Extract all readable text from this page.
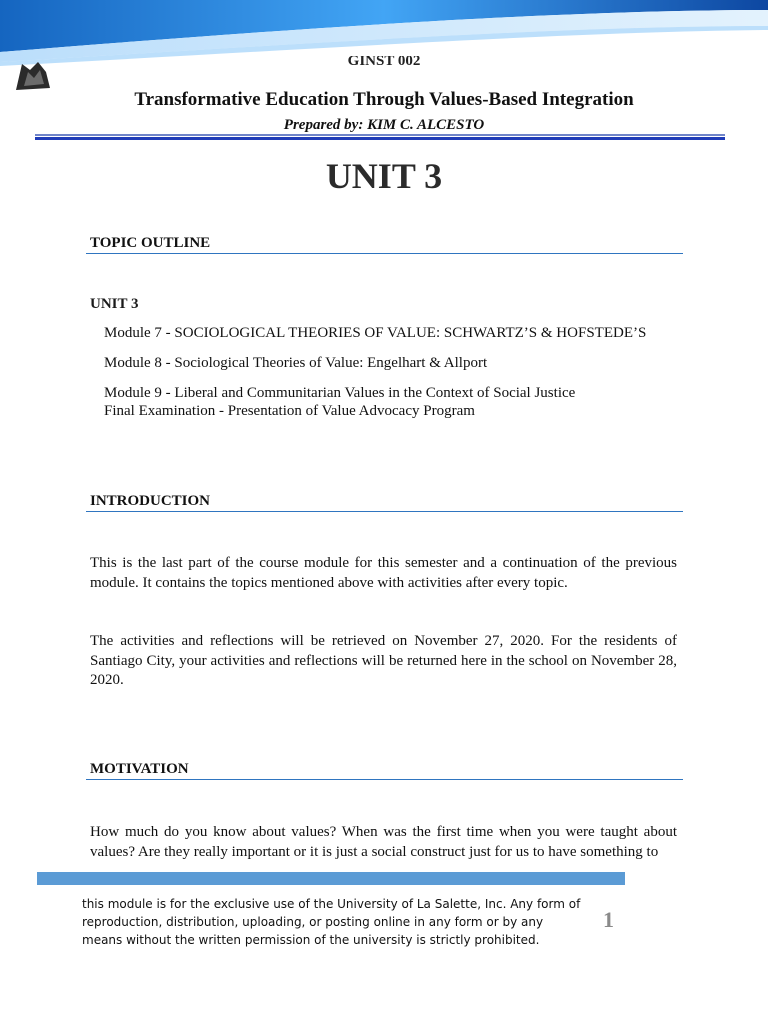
GINST 002
Transformative Education Through Values-Based Integration
Prepared by: KIM C. ALCESTO
UNIT 3
TOPIC OUTLINE
UNIT 3
Module 7 - SOCIOLOGICAL THEORIES OF VALUE: SCHWARTZ’S & HOFSTEDE’S
Module 8 - Sociological Theories of Value: Engelhart & Allport
Module 9 - Liberal and Communitarian Values in the Context of Social Justice
Final Examination - Presentation of Value Advocacy Program
INTRODUCTION
This is the last part of the course module for this semester and a continuation of the previous module. It contains the topics mentioned above with activities after every topic.
The activities and reflections will be retrieved on November 27, 2020. For the residents of Santiago City, your activities and reflections will be returned here in the school on November 28, 2020.
MOTIVATION
How much do you know about values? When was the first time when you were taught about values? Are they really important or it is just a social construct just for us to have something to
this module is for the exclusive use of the University of La Salette, Inc. Any form of reproduction, distribution, uploading, or posting online in any form or by any means without the written permission of the university is strictly prohibited.
1
